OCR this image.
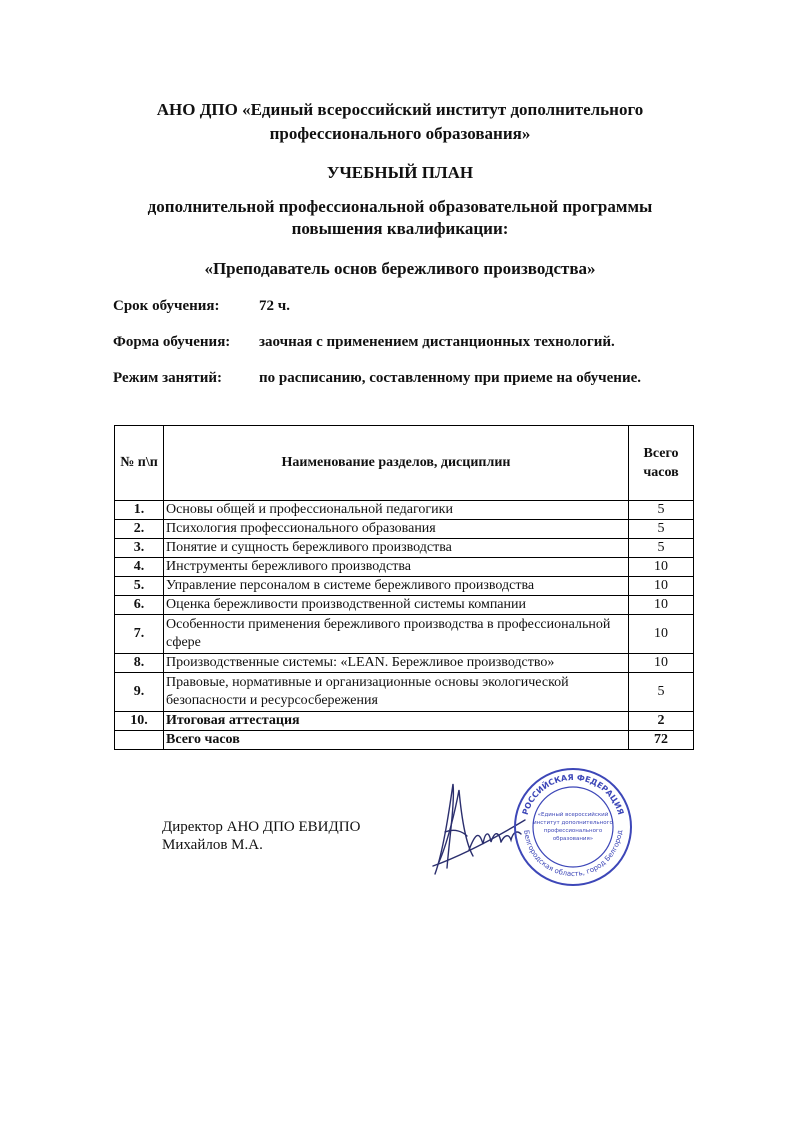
АНО ДПО «Единый всероссийский институт дополнительного
профессионального образования»
УЧЕБНЫЙ ПЛАН
дополнительной профессиональной образовательной программы
повышения квалификации:
«Преподаватель основ бережливого производства»
Срок обучения:	72 ч.
Форма обучения: заочная с применением дистанционных технологий.
Режим занятий: по расписанию, составленному при приеме на обучение.
№ п\п	Наименование разделов, дисциплин	Всего
часов

1.	Основы общей и профессиональной педагогики	5
2.	Психология профессионального образования	5
3.	Понятие и сущность бережливого производства	5
4.	Инструменты бережливого производства	10
5.	Управление персоналом в системе бережливого производства	10
6.	Оценка бережливости производственной системы компании	10
7.	Особенности применения бережливого производства в профессиональной сфере	10
8.	Производственные системы: «LEAN. Бережливое производство»	10
9.	Правовые, нормативные и организационные основы экологической безопасности и ресурсосбережения	5
10.	Итоговая аттестация	2
	Всего часов	72
Директор АНО ДПО ЕВИДПО
Михайлов М.А.
РОССИЙСКАЯ ФЕДЕРАЦИЯ
Белгородская область, город Белгород
«Единый всероссийский
институт дополнительного
профессионального
образования»
